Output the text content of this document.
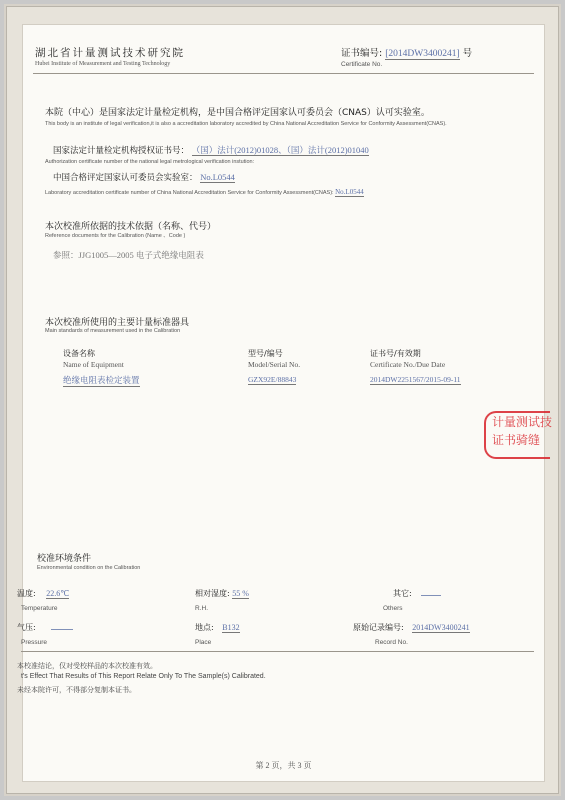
湖北省计量测试技术研究院
Hubei Institute of Measurement and Testing Technology
证书编号: [2014DW3400241] 号
Certificate No.
本院（中心）是国家法定计量检定机构，是中国合格评定国家认可委员会（CNAS）认可实验室。
This body is an institute of legal verification,it is also a accreditation laboratory accredited by China National Accreditation Service for Conformity Assessment(CNAS).
国家法定计量检定机构授权证书号： （国）法计(2012)01028、（国）法计(2012)01040
Authorization certificate number of the national legal metrological verification instution:
中国合格评定国家认可委员会实验室： No.L0544
Laboratory accreditation certificate number of China National Accreditation Service for Conformity Assessment(CNAS): No.L0544
本次校准所依据的技术依据（名称、代号）
Reference documents for the Calibration (Name 、Code )
参照：JJG1005—2005 电子式绝缘电阻表
本次校准所使用的主要计量标准器具
Main standards of measurement used in the Calibration
设备名称
Name of Equipment
型号/编号
Model/Serial No.
证书号/有效期
Certificate No./Due Date
绝缘电阻表检定装置	GZX92E/88843	2014DW2251567/2015-09-11
计量测试技
证书骑缝
校准环境条件
Environmental condition on the Calibration
温度: 22.6℃
Temperature
相对湿度: 55 %
R.H.
其它:
Others
气压:
Pressure
地点: B132
Place
原始记录编号: 2014DW3400241
Record No.
本校准结论，仅对受校样品的本次校准有效。
t's Effect That Results of This Report Relate Only To The Sample(s) Calibrated.
未经本院许可，不得部分复制本证书。
第 2 页，共 3 页
